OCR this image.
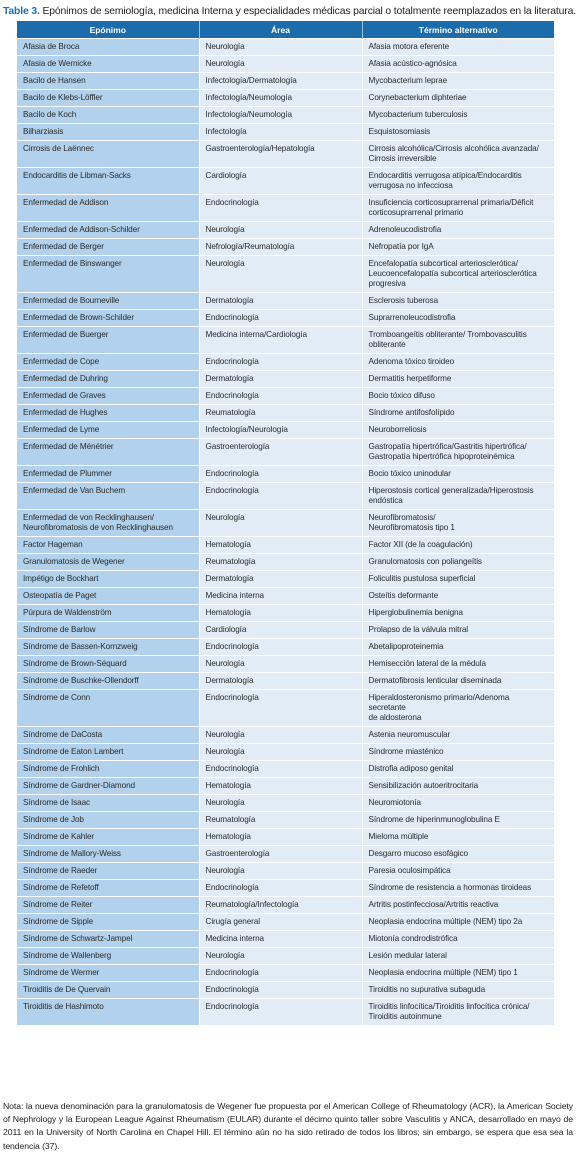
Table 3. Epónimos de semiología, medicina Interna y especialidades médicas parcial o totalmente reemplazados en la literatura.
Epónimo	Área	Término alternativo
Afasia de Broca	Neurología	Afasia motora eferente
Afasia de Wernicke	Neurología	Afasia acústico-agnósica
Bacilo de Hansen	Infectología/Dermatología	Mycobacterium leprae
Bacilo de Klebs-Löffler	Infectología/Neumología	Corynebacterium diphteriae
Bacilo de Koch	Infectología/Neumología	Mycobacterium tuberculosis
Bilharziasis	Infectología	Esquistosomiasis
Cirrosis de Laënnec	Gastroenterología/Hepatología	Cirrosis alcohólica/Cirrosis alcohólica avanzada/
Cirrosis irreversible
Endocarditis de Libman-Sacks	Cardiología	Endocarditis verrugosa atípica/Endocarditis
verrugosa no infecciosa
Enfermedad de Addison	Endocrinología	Insuficiencia corticosuprarrenal primaria/Déficit
corticosuprarrenal primario
Enfermedad de Addison-Schilder	Neurología	Adrenoleucodistrofia
Enfermedad de Berger	Nefrología/Reumatología	Nefropatía por IgA
Enfermedad de Binswanger	Neurología	Encefalopatía subcortical arteriosclerótica/
Leucoencefalopatía subcortical arteriosclerótica
progresiva
Enfermedad de Bourneville	Dermatología	Esclerosis tuberosa
Enfermedad de Brown-Schilder	Endocrinología	Suprarrenoleucodistrofia
Enfermedad de Buerger	Medicina interna/Cardiología	Tromboangeítis obliterante/ Trombovasculitis
obliterante
Enfermedad de Cope	Endocrinología	Adenoma tóxico tiroideo
Enfermedad de Duhring	Dermatología	Dermatitis herpetiforme
Enfermedad de Graves	Endocrinología	Bocio tóxico difuso
Enfermedad de Hughes	Reumatología	Síndrome antifosfolípido
Enfermedad de Lyme	Infectología/Neurología	Neuroborreliosis
Enfermedad de Ménétrier	Gastroenterología	Gastropatía hipertrófica/Gastritis hipertrófica/
Gastropatía hipertrófica hipoproteinémica
Enfermedad de Plummer	Endocrinología	Bocio tóxico uninodular
Enfermedad de Van Buchem	Endocrinología	Hiperostosis cortical generalizada/Hiperostosis
endóstica
Enfermedad de von Recklinghausen/
Neurofibromatosis de von Recklinghausen	Neurología	Neurofibromatosis/
Neurofibromatosis tipo 1
Factor Hageman	Hematología	Factor XII (de la coagulación)
Granulomatosis de Wegener	Reumatología	Granulomatosis con poliangeítis
Impétigo de Bockhart	Dermatología	Foliculitis pustulosa superficial
Osteopatía de Paget	Medicina interna	Osteítis deformante
Púrpura de Waldenström	Hematología	Hiperglobulinemia benigna
Síndrome de Barlow	Cardiología	Prolapso de la válvula mitral
Síndrome de Bassen-Kornzweig	Endocrinología	Abetalipoproteinemia
Síndrome de Brown-Séquard	Neurología	Hemisección lateral de la médula
Síndrome de Buschke-Ollendorff	Dermatología	Dermatofibrosis lenticular diseminada
Síndrome de Conn	Endocrinología	Hiperaldosteronismo primario/Adenoma secretante
de aldosterona
Síndrome de DaCosta	Neurología	Astenia neuromuscular
Síndrome de Eaton Lambert	Neurología	Síndrome miasténico
Síndrome de Frohlich	Endocrinología	Distrofia adiposo genital
Síndrome de Gardner-Diamond	Hematología	Sensibilización autoeritrocitaria
Síndrome de Isaac	Neurología	Neuromiotonía
Síndrome de Job	Reumatología	Síndrome de hiperinmunoglobulina E
Síndrome de Kahler	Hematología	Mieloma múltiple
Síndrome de Mallory-Weiss	Gastroenterología	Desgarro mucoso esofágico
Síndrome de Raeder	Neurología	Paresia oculosimpática
Síndrome de Refetoff	Endocrinología	Síndrome de resistencia a hormonas tiroideas
Síndrome de Reiter	Reumatología/Infectología	Artritis postinfecciosa/Artritis reactiva
Síndrome de Sipple	Cirugía general	Neoplasia endocrina múltiple (NEM) tipo 2a
Síndrome de Schwartz-Jampel	Medicina interna	Miotonía condrodistrófica
Síndrome de Wallenberg	Neurología	Lesión medular lateral
Síndrome de Wermer	Endocrinología	Neoplasia endocrina múltiple (NEM) tipo 1
Tiroiditis de De Quervain	Endocrinología	Tiroiditis no supurativa subaguda
Tiroiditis de Hashimoto	Endocrinología	Tiroiditis linfocítica/Tiroiditis linfocítica crónica/
Tiroiditis autoinmune
Nota: la nueva denominación para la granulomatosis de Wegener fue propuesta por el American College of Rheumatology (ACR), la American Society of Nephrology y la European League Against Rheumatism (EULAR) durante el décimo quinto taller sobre Vasculitis y ANCA, desarrollado en mayo de 2011 en la University of North Carolina en Chapel Hill. El término aún no ha sido retirado de todos los libros; sin embargo, se espera que esa sea la tendencia (37).
